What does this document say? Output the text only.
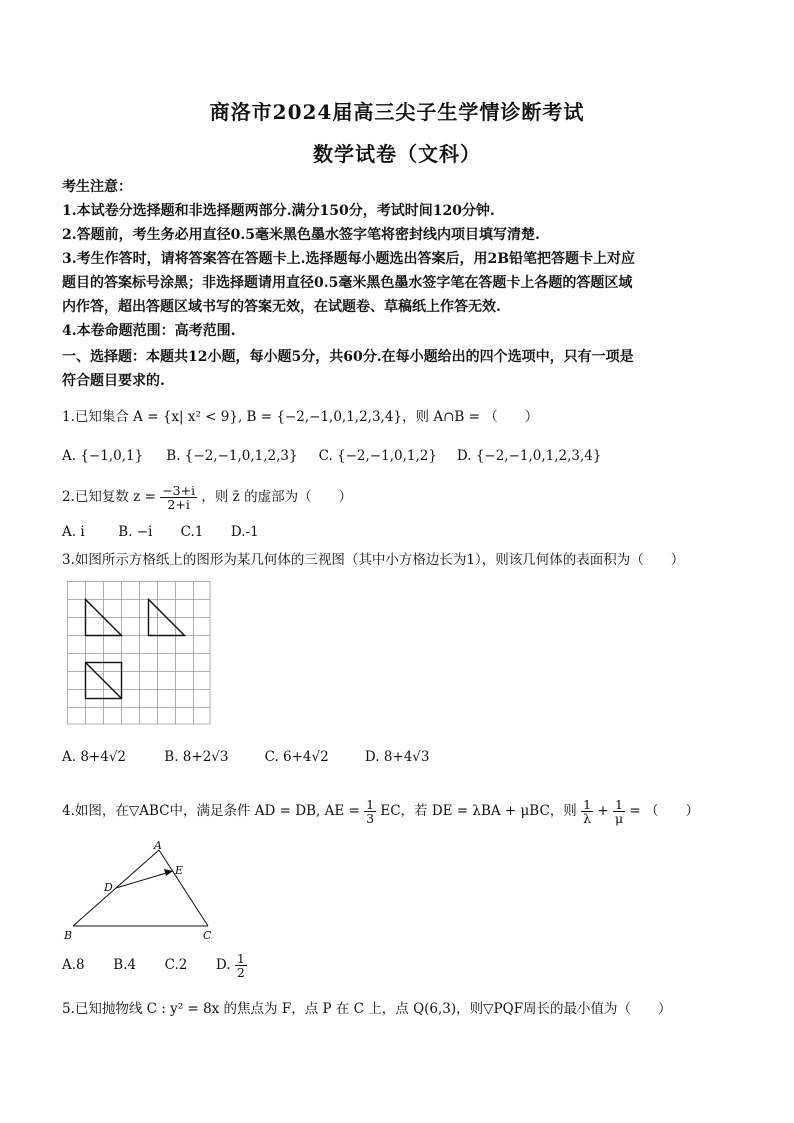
商洛市2024届高三尖子生学情诊断考试
数学试卷（文科）
考生注意：
1.本试卷分选择题和非选择题两部分.满分150分，考试时间120分钟.
2.答题前，考生务必用直径0.5毫米黑色墨水签字笔将密封线内项目填写清楚.
3.考生作答时，请将答案答在答题卡上.选择题每小题选出答案后，用2B铅笔把答题卡上对应
题目的答案标号涂黑；非选择题请用直径0.5毫米黑色墨水签字笔在答题卡上各题的答题区域
内作答，超出答题区域书写的答案无效，在试题卷、草稿纸上作答无效.
4.本卷命题范围：高考范围.
一、选择题：本题共12小题，每小题5分，共60分.在每小题给出的四个选项中，只有一项是
符合题目要求的.
1.已知集合 A = {x| x² < 9}, B = {−2,−1,0,1,2,3,4}，则 A∩B = （　　）
A. {−1,0,1} B. {−2,−1,0,1,2,3} C. {−2,−1,0,1,2} D. {−2,−1,0,1,2,3,4}
2.已知复数 $z = \frac{-3+i}{2+i}$ ，则 z̄ 的虚部为（　　）
A. i B. −i C.1 D.-1
3.如图所示方格纸上的图形为某几何体的三视图（其中小方格边长为1），则该几何体的表面积为（　　）
A. 8+4√2	B. 8+2√3	C. 6+4√2	D. 8+4√3
4.如图，在▽ABC中，满足条件 AD = DB, AE = $\frac{1}{3}$ EC，若 DE = λBA + μBC，则 $\frac{1}{\lambda} + \frac{1}{\mu}$ = （　　）
A
B	C
D
E
A.8 B.4 C.2 D. $\frac{1}{2}$
5.已知抛物线 C : y² = 8x 的焦点为 F，点 P 在 C 上，点 Q(6,3)，则▽PQF周长的最小值为（　　）
